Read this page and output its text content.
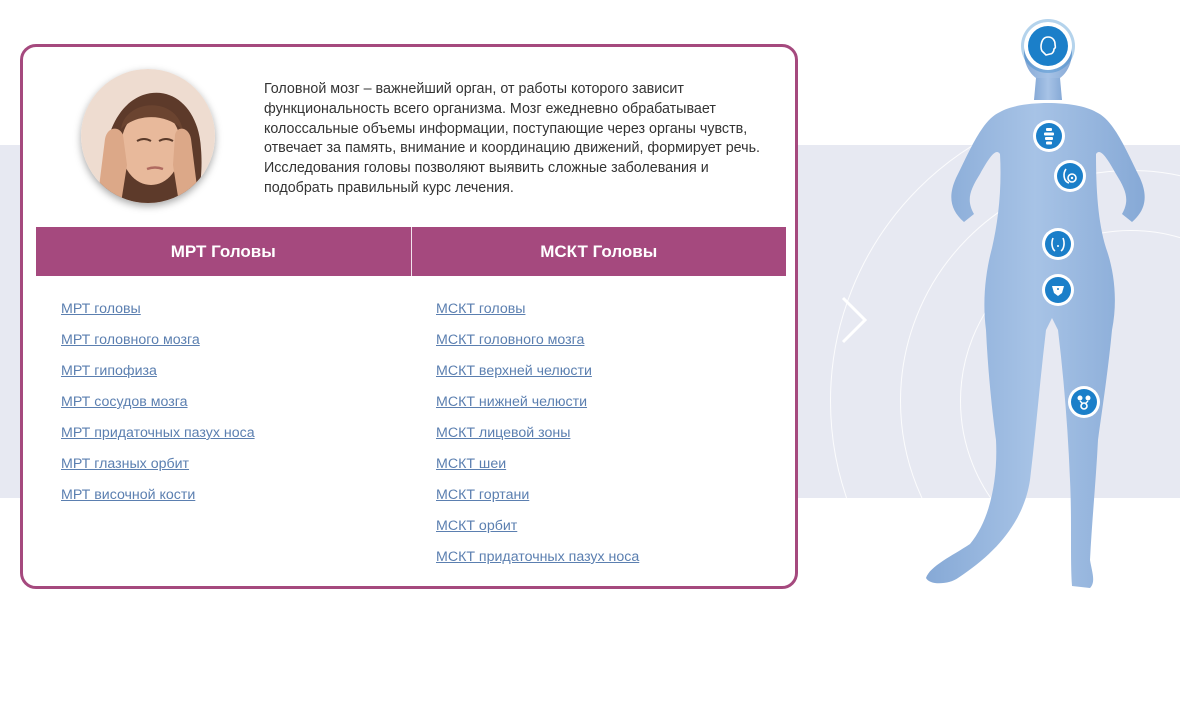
Головной мозг – важнейший орган, от работы которого зависит функциональность всего организма. Мозг ежедневно обрабатывает колоссальные объемы информации, поступающие через органы чувств, отвечает за память, внимание и координацию движений, формирует речь. Исследования головы позволяют выявить сложные заболевания и подобрать правильный курс лечения.

МРТ Головы	МСКТ Головы
МРТ головы
МРТ головного мозга
МРТ гипофиза
МРТ сосудов мозга
МРТ придаточных пазух носа
МРТ глазных орбит
МРТ височной кости
МСКТ головы
МСКТ головного мозга
МСКТ верхней челюсти
МСКТ нижней челюсти
МСКТ лицевой зоны
МСКТ шеи
МСКТ гортани
МСКТ орбит
МСКТ придаточных пазух носа
